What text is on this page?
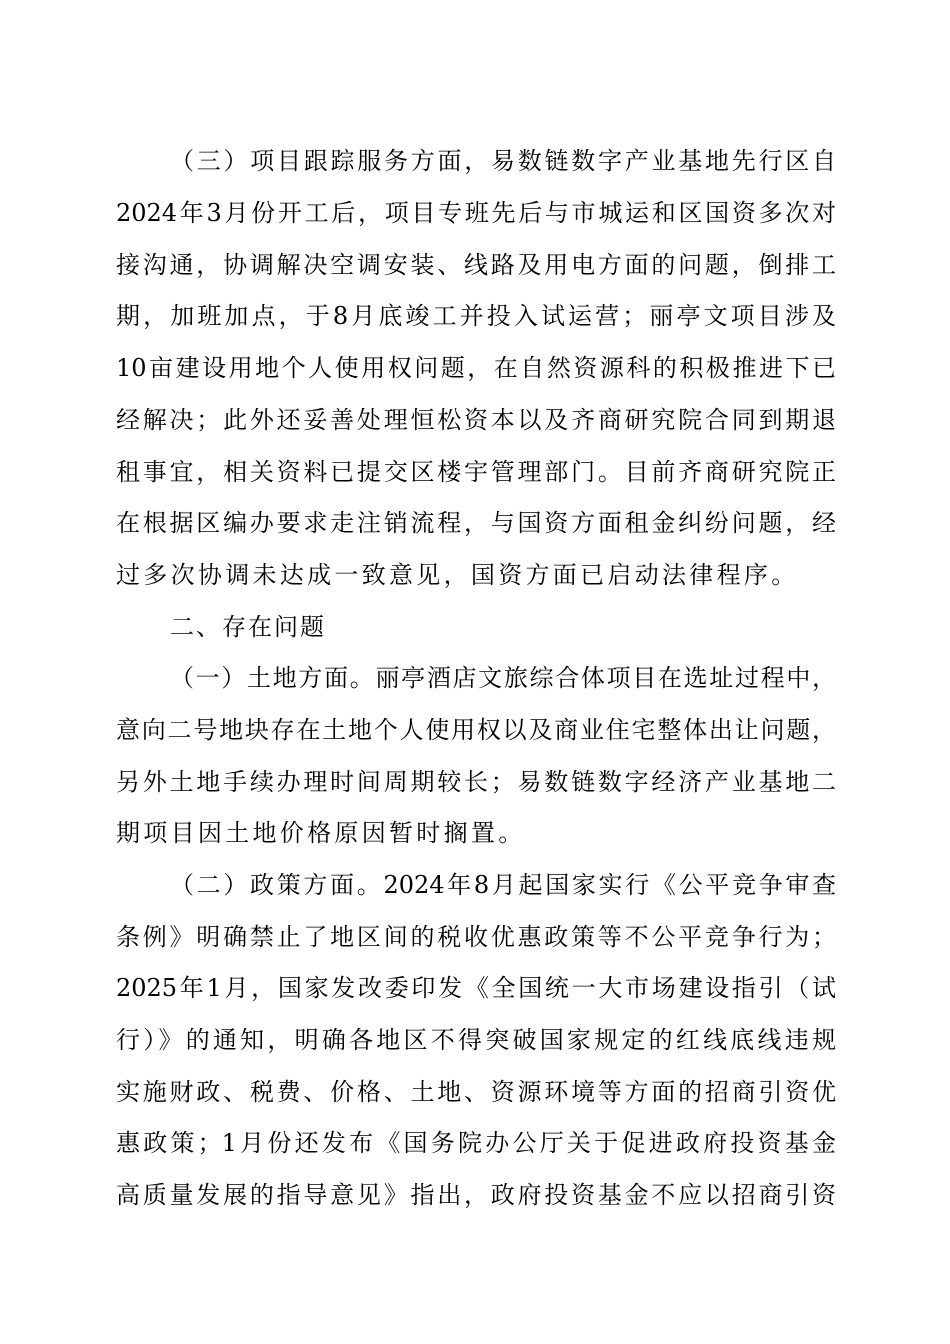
（三）项目跟踪服务方面，易数链数字产业基地先行区自
2024年3月份开工后，项目专班先后与市城运和区国资多次对
接沟通，协调解决空调安装、线路及用电方面的问题，倒排工
期，加班加点，于8月底竣工并投入试运营；丽亭文项目涉及
10亩建设用地个人使用权问题，在自然资源科的积极推进下已
经解决；此外还妥善处理恒松资本以及齐商研究院合同到期退
租事宜，相关资料已提交区楼宇管理部门。目前齐商研究院正
在根据区编办要求走注销流程，与国资方面租金纠纷问题，经
过多次协调未达成一致意见，国资方面已启动法律程序。
二、存在问题
（一）土地方面。丽亭酒店文旅综合体项目在选址过程中，
意向二号地块存在土地个人使用权以及商业住宅整体出让问题，
另外土地手续办理时间周期较长；易数链数字经济产业基地二
期项目因土地价格原因暂时搁置。
（二）政策方面。2024年8月起国家实行《公平竞争审查
条例》明确禁止了地区间的税收优惠政策等不公平竞争行为；
2025年1月，国家发改委印发《全国统一大市场建设指引（试
行）》的通知，明确各地区不得突破国家规定的红线底线违规
实施财政、税费、价格、土地、资源环境等方面的招商引资优
惠政策；1月份还发布《国务院办公厅关于促进政府投资基金
高质量发展的指导意见》指出，政府投资基金不应以招商引资
